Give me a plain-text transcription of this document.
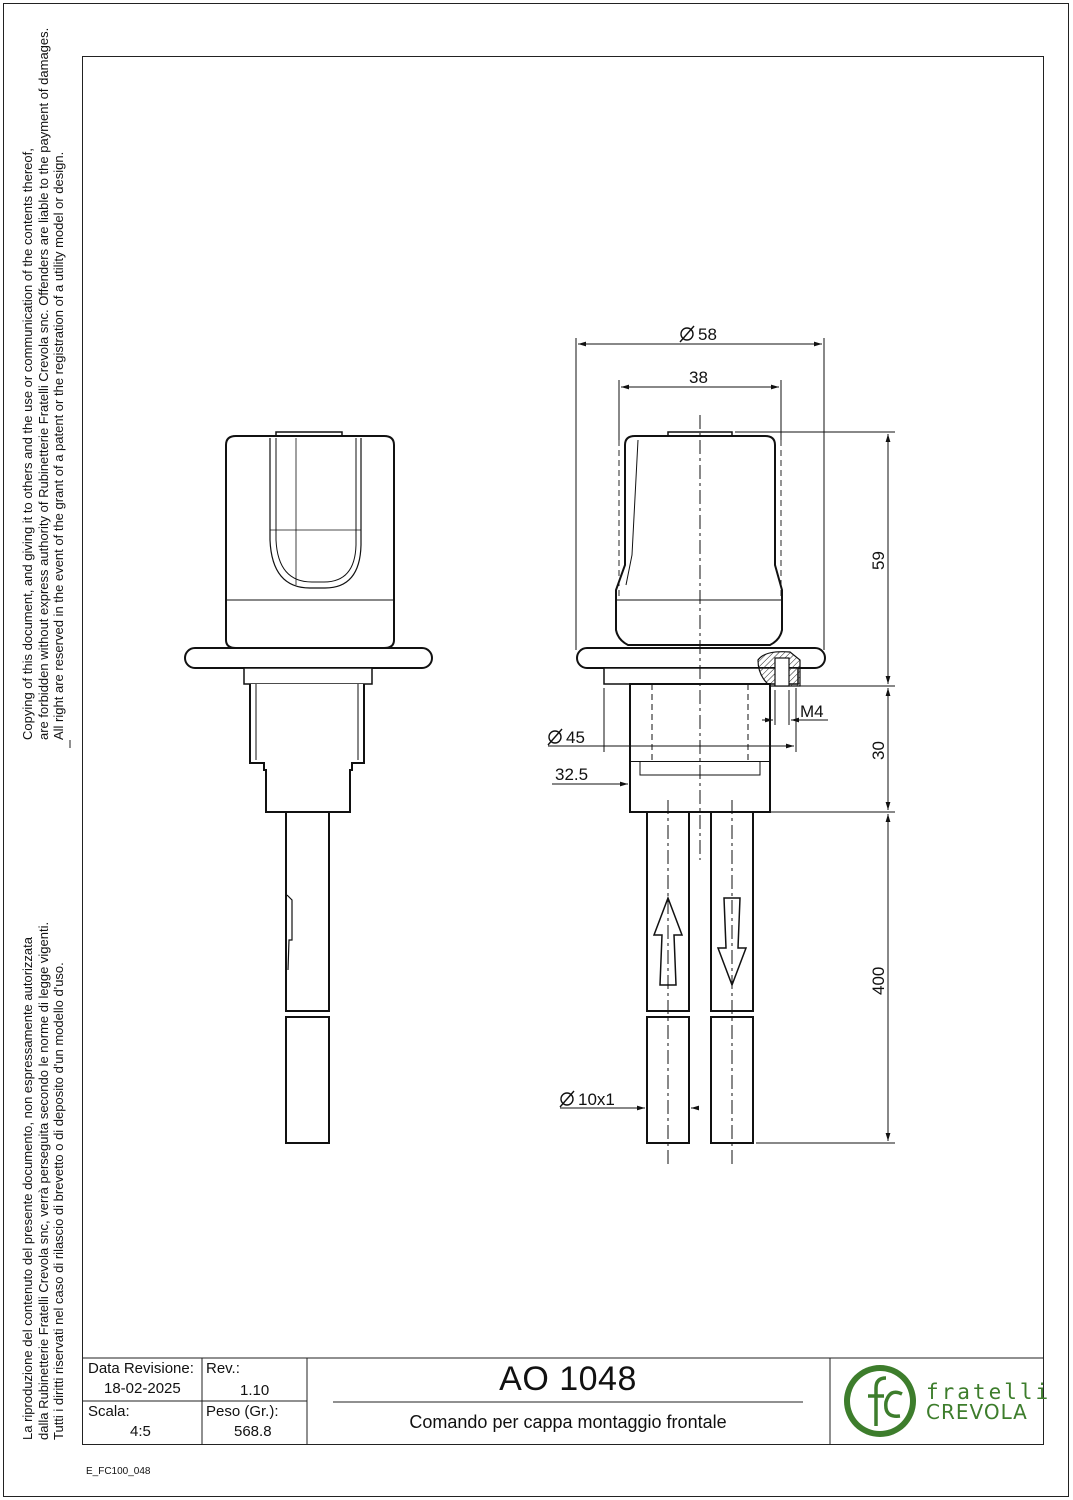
Copying of this document, and giving it to others and the use or communication of the contents thereof, are forbidden without express authority of Rubinetterie Fratelli Crevola snc. Offenders are liable to the payment of damages. All right are reserved in the event of the grant of a patent or the registration of a utility model or design.
La riproduzione del contenuto del presente documento, non espressamente autorizzata dalla Rubinetterie Fratelli Crevola snc, verrà perseguita secondo le norme di legge vigenti. Tutti i diritti riservati nel caso di rilascio di brevetto o di deposito d'un modello d'uso.
58
38
59
M4
45
30
32.5
400
10x1
Data Revisione:
18-02-2025
Rev.:
1.10
Scala:
4:5
Peso (Gr.):
568.8
AO 1048
Comando per cappa montaggio frontale
fratelli
CREVOLA
E_FC100_048
